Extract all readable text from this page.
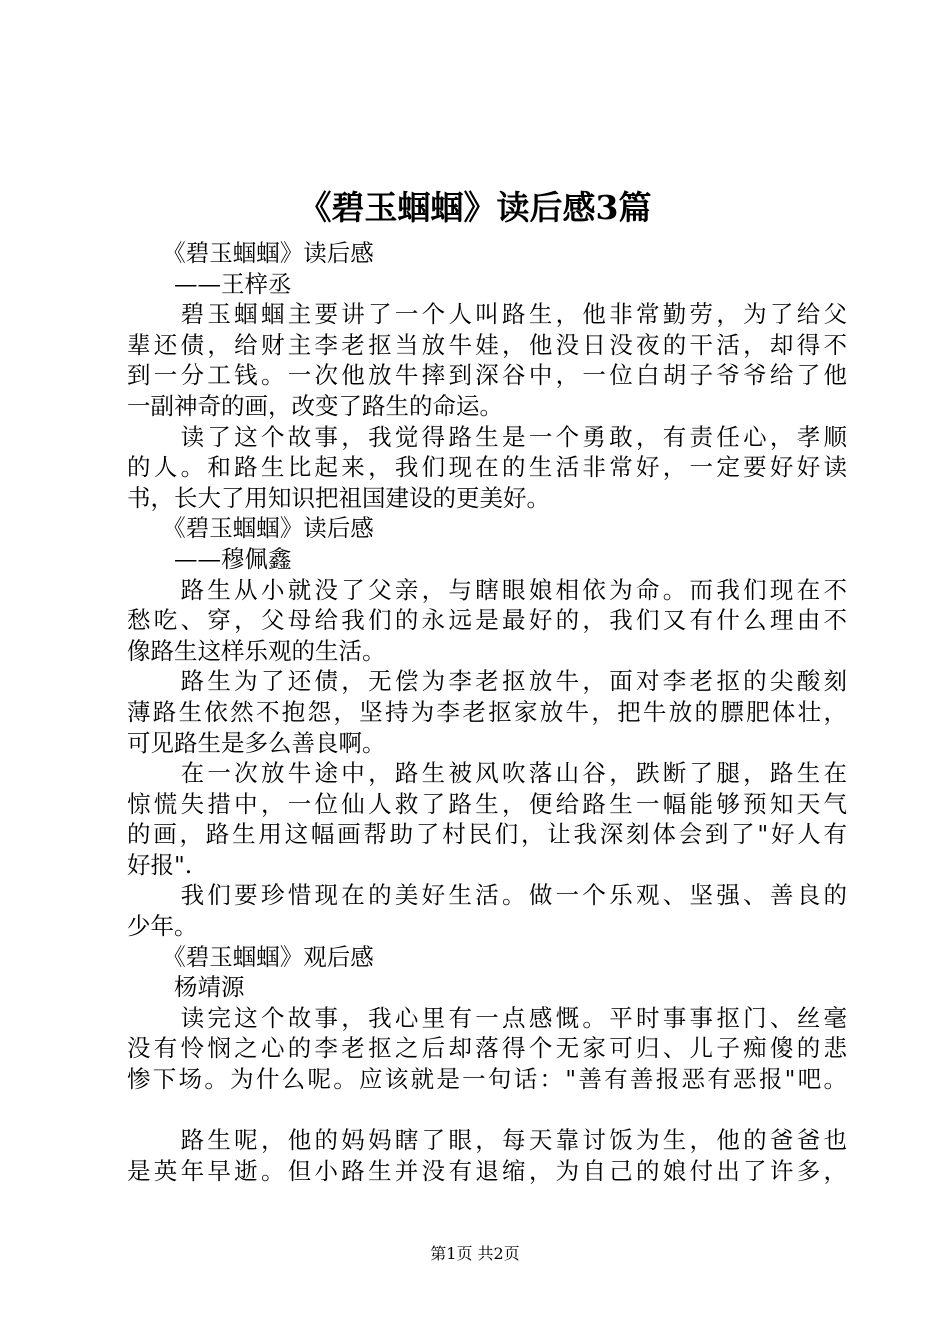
《碧玉蝈蝈》读后感3篇
　　《碧玉蝈蝈》读后感
　　——王梓丞
　　碧玉蝈蝈主要讲了一个人叫路生，他非常勤劳，为了给父
辈还债，给财主李老抠当放牛娃，他没日没夜的干活，却得不
到一分工钱。一次他放牛摔到深谷中，一位白胡子爷爷给了他
一副神奇的画，改变了路生的命运。
　　读了这个故事，我觉得路生是一个勇敢，有责任心，孝顺
的人。和路生比起来，我们现在的生活非常好，一定要好好读
书，长大了用知识把祖国建设的更美好。
　　《碧玉蝈蝈》读后感
　　——穆佩鑫
　　路生从小就没了父亲，与瞎眼娘相依为命。而我们现在不
愁吃、穿，父母给我们的永远是最好的，我们又有什么理由不
像路生这样乐观的生活。
　　路生为了还债，无偿为李老抠放牛，面对李老抠的尖酸刻
薄路生依然不抱怨，坚持为李老抠家放牛，把牛放的膘肥体壮，
可见路生是多么善良啊。
　　在一次放牛途中，路生被风吹落山谷，跌断了腿，路生在
惊慌失措中，一位仙人救了路生，便给路生一幅能够预知天气
的画，路生用这幅画帮助了村民们，让我深刻体会到了"好人有
好报".
　　我们要珍惜现在的美好生活。做一个乐观、坚强、善良的
少年。
　　《碧玉蝈蝈》观后感
　　杨靖源
　　读完这个故事，我心里有一点感慨。平时事事抠门、丝毫
没有怜悯之心的李老抠之后却落得个无家可归、儿子痴傻的悲
惨下场。为什么呢。应该就是一句话："善有善报恶有恶报"吧。
　　路生呢，他的妈妈瞎了眼，每天靠讨饭为生，他的爸爸也
是英年早逝。但小路生并没有退缩，为自己的娘付出了许多，
第1页 共2页
